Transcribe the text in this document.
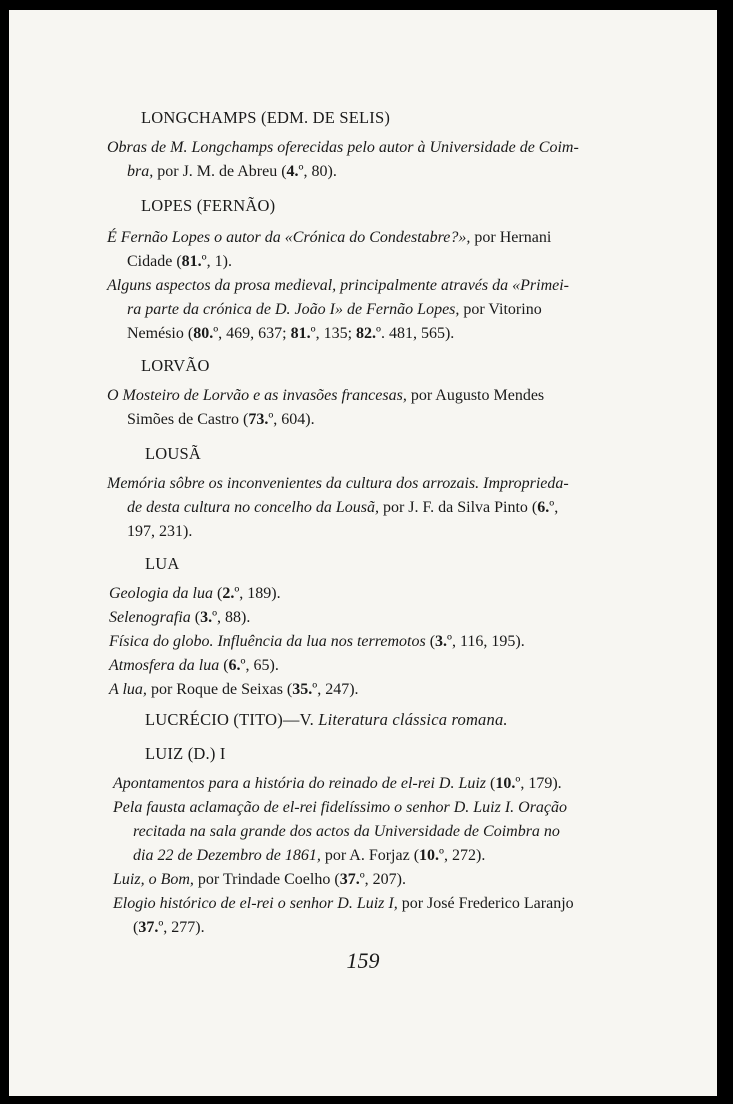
LONGCHAMPS (EDM. DE SELIS)
Obras de M. Longchamps oferecidas pelo autor à Universidade de Coim-
bra, por J. M. de Abreu (4.º, 80).
LOPES (FERNÃO)
É Fernão Lopes o autor da «Crónica do Condestabre?», por Hernani
Cidade (81.º, 1).
Alguns aspectos da prosa medieval, principalmente através da «Primei-
ra parte da crónica de D. João I» de Fernão Lopes, por Vitorino
Nemésio (80.º, 469, 637; 81.º, 135; 82.º. 481, 565).
LORVÃO
O Mosteiro de Lorvão e as invasões francesas, por Augusto Mendes
Simões de Castro (73.º, 604).
LOUSÃ
Memória sôbre os inconvenientes da cultura dos arrozais. Improprieda-
de desta cultura no concelho da Lousã, por J. F. da Silva Pinto (6.º,
197, 231).
LUA
Geologia da lua (2.º, 189).
Selenografia (3.º, 88).
Física do globo. Influência da lua nos terremotos (3.º, 116, 195).
Atmosfera da lua (6.º, 65).
A lua, por Roque de Seixas (35.º, 247).
LUCRÉCIO (TITO)—V. Literatura clássica romana.
LUIZ (D.) I
Apontamentos para a história do reinado de el-rei D. Luiz (10.º, 179).
Pela fausta aclamação de el-rei fidelíssimo o senhor D. Luiz I. Oração
recitada na sala grande dos actos da Universidade de Coimbra no
dia 22 de Dezembro de 1861, por A. Forjaz (10.º, 272).
Luiz, o Bom, por Trindade Coelho (37.º, 207).
Elogio histórico de el-rei o senhor D. Luiz I, por José Frederico Laranjo
(37.º, 277).
159
